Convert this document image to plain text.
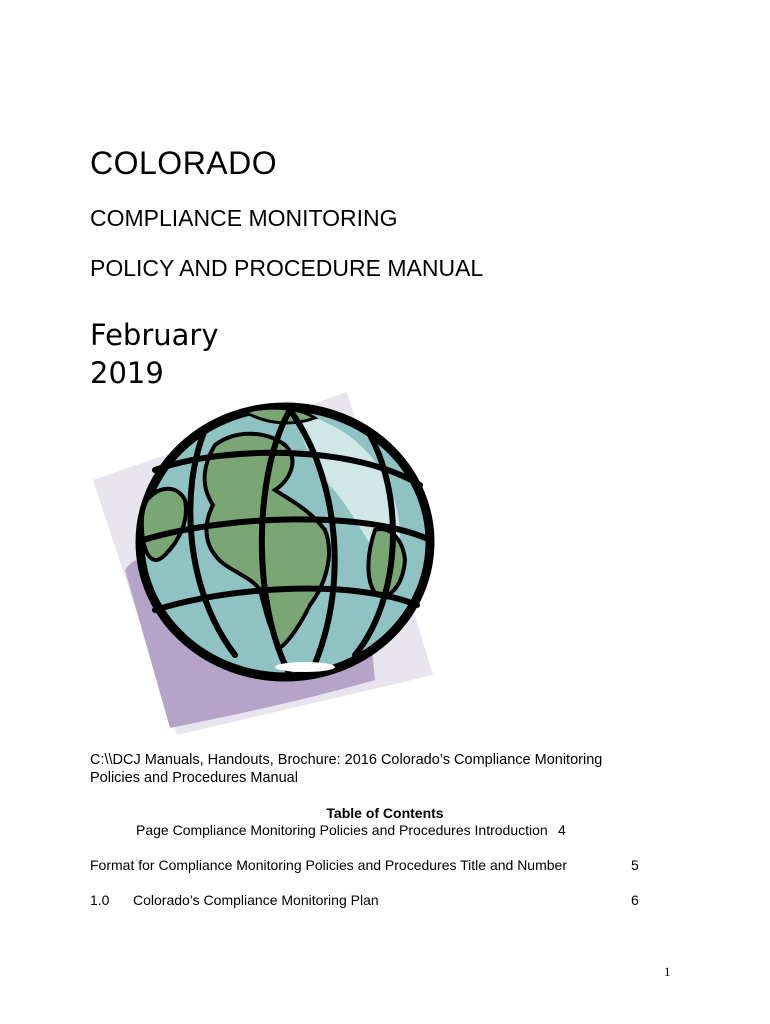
COLORADO
COMPLIANCE MONITORING
POLICY AND PROCEDURE MANUAL
February
2019
C:\\DCJ Manuals, Handouts, Brochure: 2016 Colorado’s Compliance Monitoring Policies and Procedures Manual
Table of Contents
Page Compliance Monitoring Policies and Procedures Introduction 4
Format for Compliance Monitoring Policies and Procedures Title and Number	5
1.0 Colorado’s Compliance Monitoring Plan	6
1
